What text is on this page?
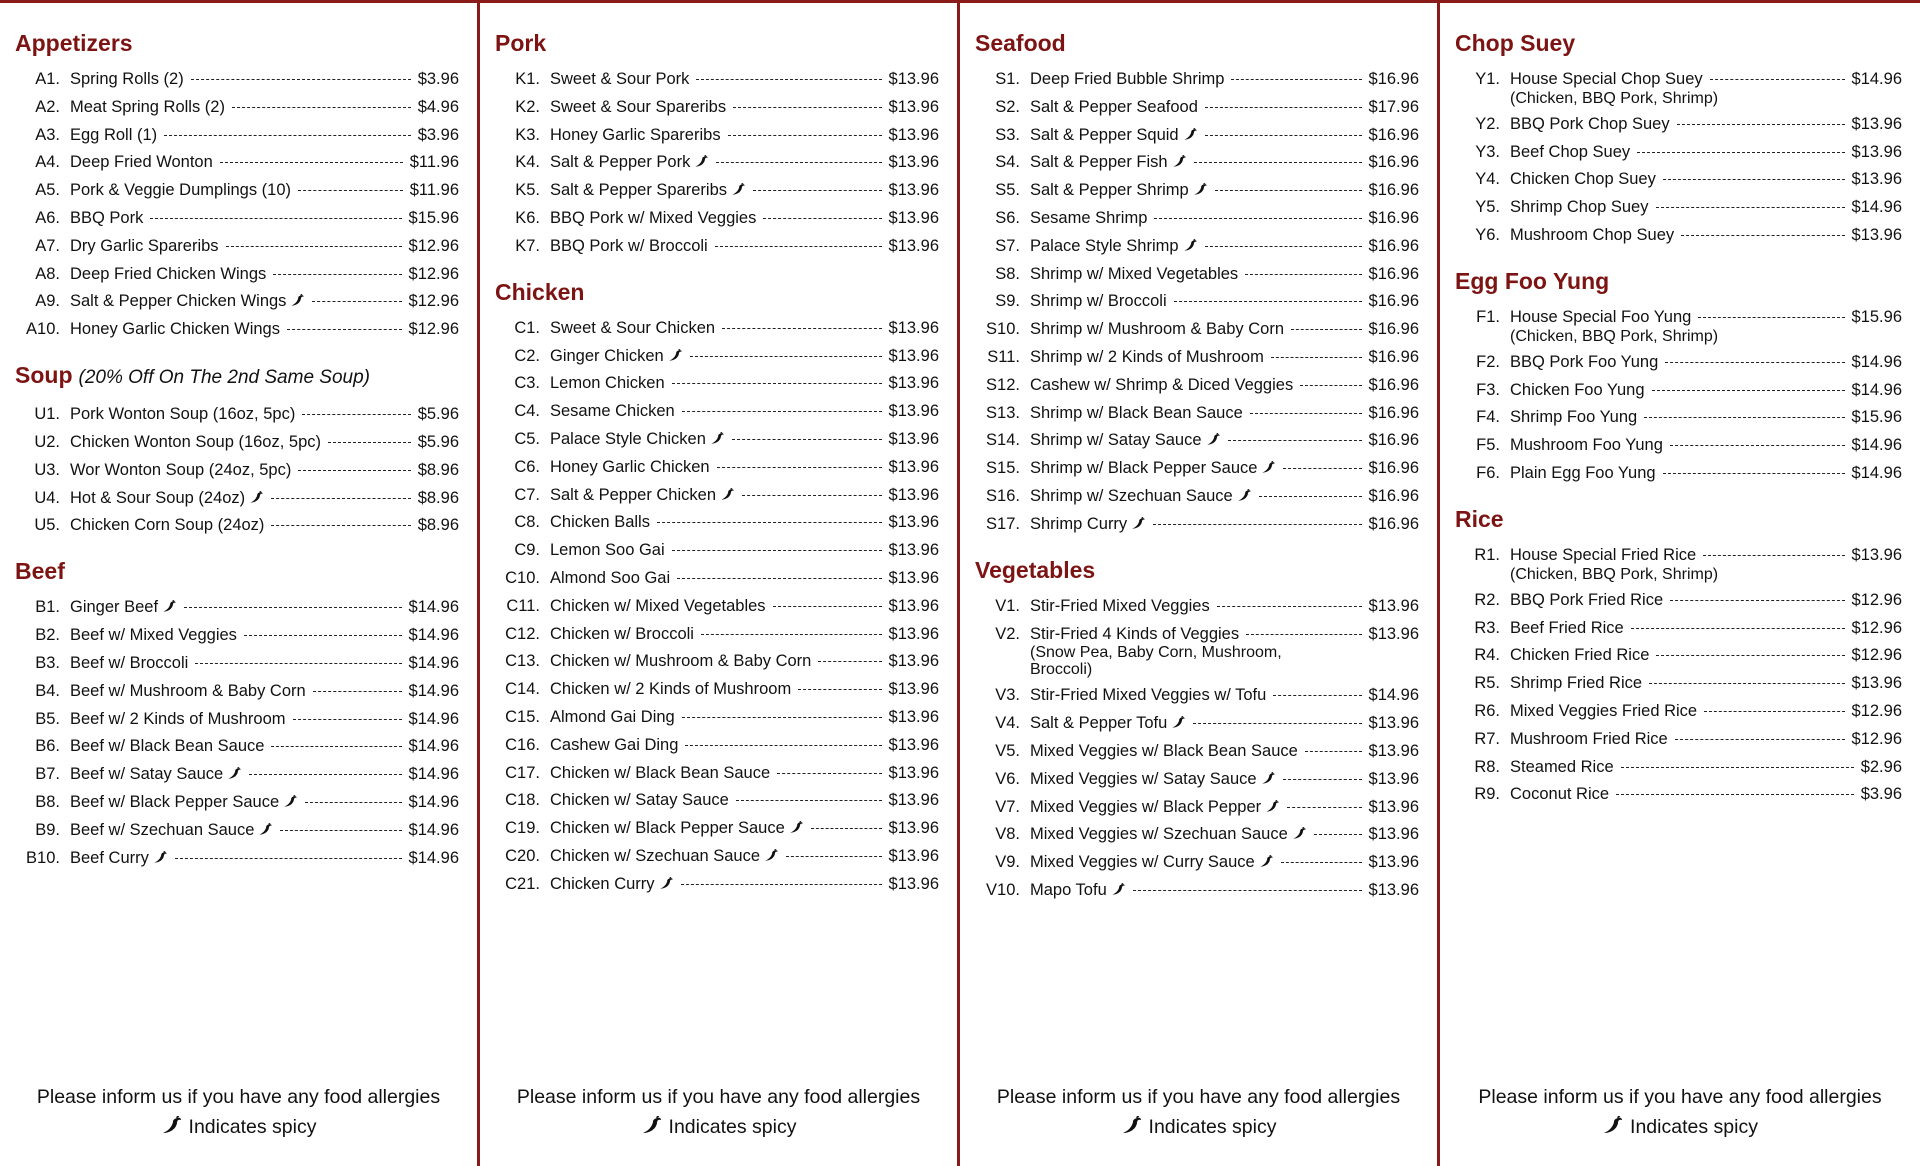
Appetizers
A1. Spring Rolls (2)	$3.96
A2. Meat Spring Rolls (2)	$4.96
A3. Egg Roll (1)	$3.96
A4. Deep Fried Wonton	$11.96
A5. Pork & Veggie Dumplings (10)	$11.96
A6. BBQ Pork	$15.96
A7. Dry Garlic Spareribs	$12.96
A8. Deep Fried Chicken Wings	$12.96
A9. Salt & Pepper Chicken Wings	$12.96
A10. Honey Garlic Chicken Wings	$12.96
Soup (20% Off On The 2nd Same Soup)
U1. Pork Wonton Soup (16oz, 5pc)	$5.96
U2. Chicken Wonton Soup (16oz, 5pc)	$5.96
U3. Wor Wonton Soup (24oz, 5pc)	$8.96
U4. Hot & Sour Soup (24oz)	$8.96
U5. Chicken Corn Soup (24oz)	$8.96
Beef
B1. Ginger Beef	$14.96
B2. Beef w/ Mixed Veggies	$14.96
B3. Beef w/ Broccoli	$14.96
B4. Beef w/ Mushroom & Baby Corn	$14.96
B5. Beef w/ 2 Kinds of Mushroom	$14.96
B6. Beef w/ Black Bean Sauce	$14.96
B7. Beef w/ Satay Sauce	$14.96
B8. Beef w/ Black Pepper Sauce	$14.96
B9. Beef w/ Szechuan Sauce	$14.96
B10. Beef Curry	$14.96
Please inform us if you have any food allergies
Indicates spicy
Pork
K1. Sweet & Sour Pork	$13.96
K2. Sweet & Sour Spareribs	$13.96
K3. Honey Garlic Spareribs	$13.96
K4. Salt & Pepper Pork	$13.96
K5. Salt & Pepper Spareribs	$13.96
K6. BBQ Pork w/ Mixed Veggies	$13.96
K7. BBQ Pork w/ Broccoli	$13.96
Chicken
C1. Sweet & Sour Chicken	$13.96
C2. Ginger Chicken	$13.96
C3. Lemon Chicken	$13.96
C4. Sesame Chicken	$13.96
C5. Palace Style Chicken	$13.96
C6. Honey Garlic Chicken	$13.96
C7. Salt & Pepper Chicken	$13.96
C8. Chicken Balls	$13.96
C9. Lemon Soo Gai	$13.96
C10. Almond Soo Gai	$13.96
C11. Chicken w/ Mixed Vegetables	$13.96
C12. Chicken w/ Broccoli	$13.96
C13. Chicken w/ Mushroom & Baby Corn	$13.96
C14. Chicken w/ 2 Kinds of Mushroom	$13.96
C15. Almond Gai Ding	$13.96
C16. Cashew Gai Ding	$13.96
C17. Chicken w/ Black Bean Sauce	$13.96
C18. Chicken w/ Satay Sauce	$13.96
C19. Chicken w/ Black Pepper Sauce	$13.96
C20. Chicken w/ Szechuan Sauce	$13.96
C21. Chicken Curry	$13.96
Please inform us if you have any food allergies
Indicates spicy
Seafood
S1. Deep Fried Bubble Shrimp	$16.96
S2. Salt & Pepper Seafood	$17.96
S3. Salt & Pepper Squid	$16.96
S4. Salt & Pepper Fish	$16.96
S5. Salt & Pepper Shrimp	$16.96
S6. Sesame Shrimp	$16.96
S7. Palace Style Shrimp	$16.96
S8. Shrimp w/ Mixed Vegetables	$16.96
S9. Shrimp w/ Broccoli	$16.96
S10. Shrimp w/ Mushroom & Baby Corn	$16.96
S11. Shrimp w/ 2 Kinds of Mushroom	$16.96
S12. Cashew w/ Shrimp & Diced Veggies	$16.96
S13. Shrimp w/ Black Bean Sauce	$16.96
S14. Shrimp w/ Satay Sauce	$16.96
S15. Shrimp w/ Black Pepper Sauce	$16.96
S16. Shrimp w/ Szechuan Sauce	$16.96
S17. Shrimp Curry	$16.96
Vegetables
V1. Stir-Fried Mixed Veggies	$13.96
V2. Stir-Fried 4 Kinds of Veggies	$13.96
(Snow Pea, Baby Corn, Mushroom, Broccoli)
V3. Stir-Fried Mixed Veggies w/ Tofu	$14.96
V4. Salt & Pepper Tofu	$13.96
V5. Mixed Veggies w/ Black Bean Sauce	$13.96
V6. Mixed Veggies w/ Satay Sauce	$13.96
V7. Mixed Veggies w/ Black Pepper	$13.96
V8. Mixed Veggies w/ Szechuan Sauce	$13.96
V9. Mixed Veggies w/ Curry Sauce	$13.96
V10. Mapo Tofu	$13.96
Please inform us if you have any food allergies
Indicates spicy
Chop Suey
Y1. House Special Chop Suey	$14.96
(Chicken, BBQ Pork, Shrimp)
Y2. BBQ Pork Chop Suey	$13.96
Y3. Beef Chop Suey	$13.96
Y4. Chicken Chop Suey	$13.96
Y5. Shrimp Chop Suey	$14.96
Y6. Mushroom Chop Suey	$13.96
Egg Foo Yung
F1. House Special Foo Yung	$15.96
(Chicken, BBQ Pork, Shrimp)
F2. BBQ Pork Foo Yung	$14.96
F3. Chicken Foo Yung	$14.96
F4. Shrimp Foo Yung	$15.96
F5. Mushroom Foo Yung	$14.96
F6. Plain Egg Foo Yung	$14.96
Rice
R1. House Special Fried Rice	$13.96
(Chicken, BBQ Pork, Shrimp)
R2. BBQ Pork Fried Rice	$12.96
R3. Beef Fried Rice	$12.96
R4. Chicken Fried Rice	$12.96
R5. Shrimp Fried Rice	$13.96
R6. Mixed Veggies Fried Rice	$12.96
R7. Mushroom Fried Rice	$12.96
R8. Steamed Rice	$2.96
R9. Coconut Rice	$3.96
Please inform us if you have any food allergies
Indicates spicy
